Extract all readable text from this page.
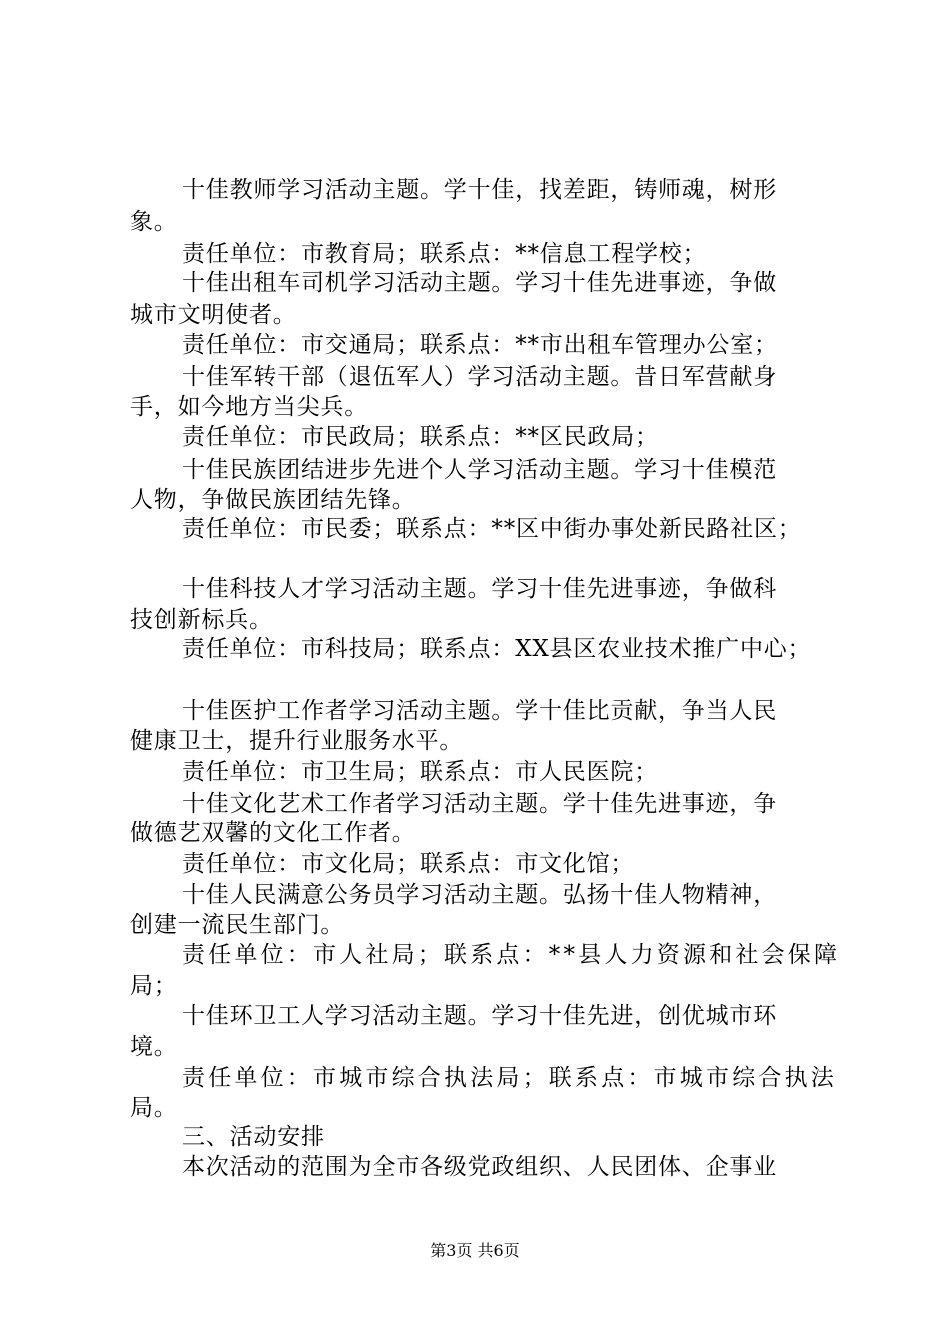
十佳教师学习活动主题。学十佳，找差距，铸师魂，树形
象。
责任单位：市教育局；联系点：**信息工程学校；
十佳出租车司机学习活动主题。学习十佳先进事迹，争做
城市文明使者。
责任单位：市交通局；联系点：**市出租车管理办公室；
十佳军转干部（退伍军人）学习活动主题。昔日军营献身
手，如今地方当尖兵。
责任单位：市民政局；联系点：**区民政局；
十佳民族团结进步先进个人学习活动主题。学习十佳模范
人物，争做民族团结先锋。
责任单位：市民委；联系点：**区中街办事处新民路社区；
十佳科技人才学习活动主题。学习十佳先进事迹，争做科
技创新标兵。
责任单位：市科技局；联系点：XX县区农业技术推广中心；
十佳医护工作者学习活动主题。学十佳比贡献，争当人民
健康卫士，提升行业服务水平。
责任单位：市卫生局；联系点：市人民医院；
十佳文化艺术工作者学习活动主题。学十佳先进事迹，争
做德艺双馨的文化工作者。
责任单位：市文化局；联系点：市文化馆；
十佳人民满意公务员学习活动主题。弘扬十佳人物精神，
创建一流民生部门。
责任单位：市人社局；联系点：**县人力资源和社会保障
局；
十佳环卫工人学习活动主题。学习十佳先进，创优城市环
境。
责任单位：市城市综合执法局；联系点：市城市综合执法
局。
三、活动安排
本次活动的范围为全市各级党政组织、人民团体、企事业
第3页 共6页
